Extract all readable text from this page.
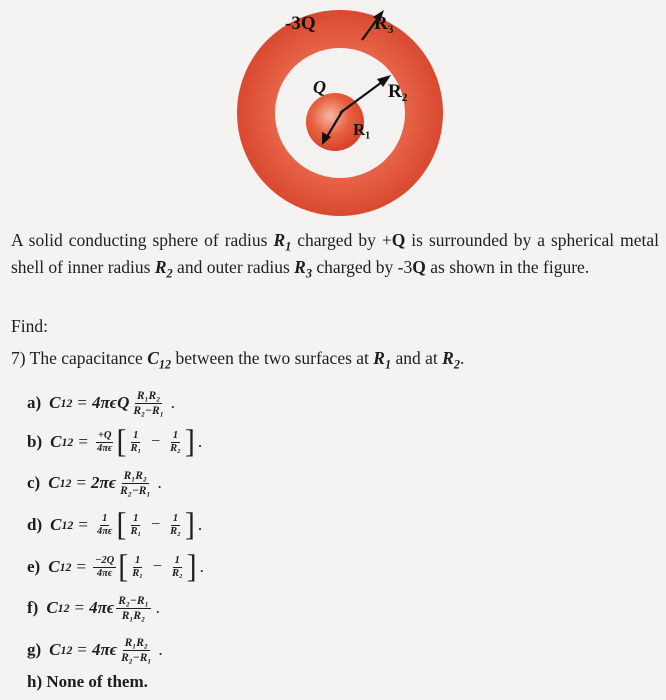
-3Q	R₃
Q	R₂
R₁
A solid conducting sphere of radius $R_1$ charged by +Q is surrounded by a spherical metal shell of inner radius $R_2$ and outer radius $R_3$ charged by -3Q as shown in the figure.
Find:
7) The capacitance $C_{12}$ between the two surfaces at $R_1$ and at $R_2$.
a) C $12 = 4\pi\epsilon Q \frac{\text{R₁R₂}}{\text{R₂−R₁}}$ .
b) C $12 = \frac{+Q}{4\pi\epsilon}$ [ $\frac{1}{\text{R₁}} - \frac{1}{\text{R₂}}$ ] .
c) C $12 = 2\pi\epsilon \frac{\text{R₁R₂}}{\text{R₂−R₁}}$ .
d) C $12 = \frac{1}{4\pi\epsilon}$ [ $\frac{1}{\text{R₁}} - \frac{1}{\text{R₂}}$ ] .
e) C $12 = \frac{-2Q}{4\pi\epsilon}$ [ $\frac{1}{\text{R₁}} - \frac{1}{\text{R₂}}$ ] .
f) C $12 = 4\pi\epsilon \frac{\text{R₂−R₁}}{\text{R₁R₂}}$ .
g) C $12 = 4\pi\epsilon \frac{\text{R₁R₂}}{\text{R₂−R₁}}$ .
h) None of them.
